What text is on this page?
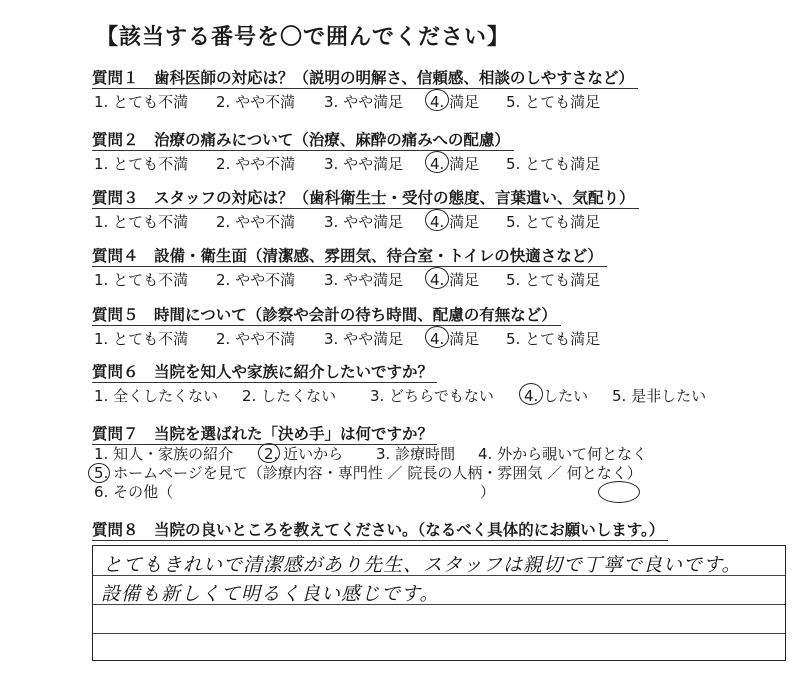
【該当する番号を〇で囲んでください】
質問１　歯科医師の対応は？（説明の明解さ、信頼感、相談のしやすさなど）
1. とても不満 2. やや不満 3. やや満足 4. 満足 5. とても満足
質問２　治療の痛みについて（治療、麻酔の痛みへの配慮）
1. とても不満 2. やや不満 3. やや満足 4. 満足 5. とても満足
質問３　スタッフの対応は？（歯科衛生士・受付の態度、言葉遣い、気配り）
1. とても不満 2. やや不満 3. やや満足 4. 満足 5. とても満足
質問４　設備・衛生面（清潔感、雰囲気、待合室・トイレの快適さなど）
1. とても不満 2. やや不満 3. やや満足 4. 満足 5. とても満足
質問５　時間について（診察や会計の待ち時間、配慮の有無など）
1. とても不満 2. やや不満 3. やや満足 4. 満足 5. とても満足
質問６　当院を知人や家族に紹介したいですか？
1. 全くしたくない 2. したくない 3. どちらでもない 4. したい 5. 是非したい
質問７　当院を選ばれた「決め手」は何ですか？
1. 知人・家族の紹介 2. 近いから 3. 診療時間 4. 外から覗いて何となく
5. ホームページを見て（診療内容・専門性 ／ 院長の人柄・雰囲気 ／ 何となく）
6. その他（	）
質問８　当院の良いところを教えてください。（なるべく具体的にお願いします。）
とてもきれいで清潔感があり先生、スタッフは親切で丁寧で良いです。
設備も新しくて明るく良い感じです。
